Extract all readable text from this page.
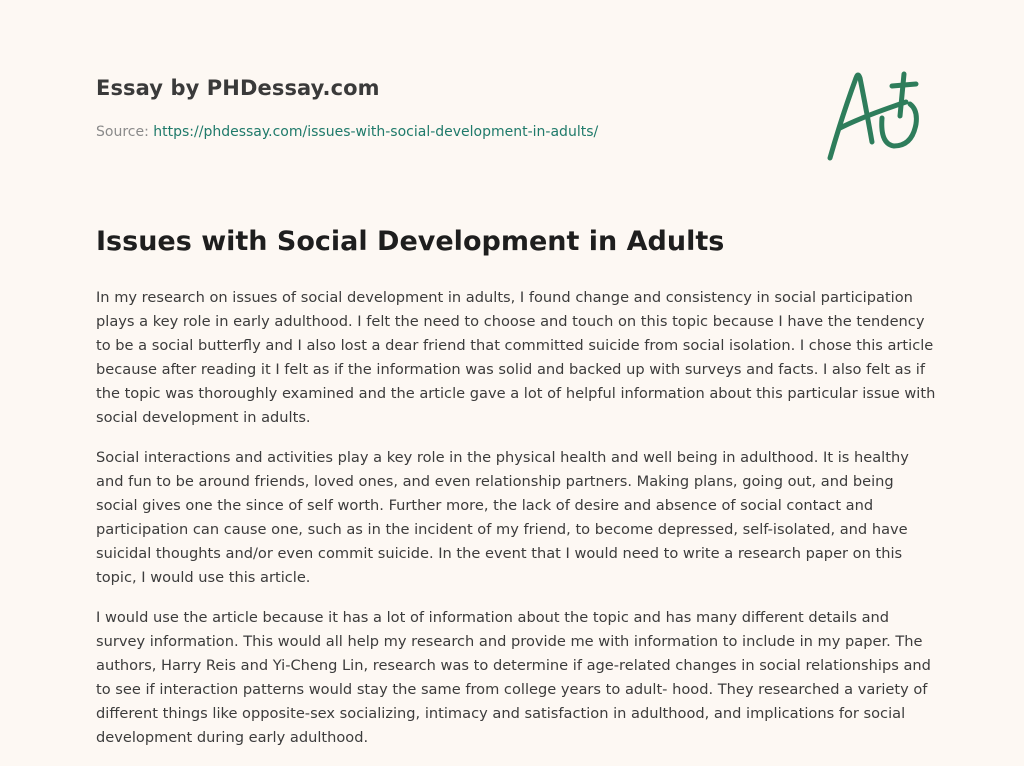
Essay by PHDessay.com
Source: https://phdessay.com/issues-with-social-development-in-adults/
Issues with Social Development in Adults

In my research on issues of social development in adults, I found change and consistency in social participation plays a key role in early adulthood. I felt the need to choose and touch on this topic because I have the tendency to be a social butterfly and I also lost a dear friend that committed suicide from social isolation. I chose this article because after reading it I felt as if the information was solid and backed up with surveys and facts. I also felt as if the topic was thoroughly examined and the article gave a lot of helpful information about this particular issue with social development in adults.

Social interactions and activities play a key role in the physical health and well being in adulthood. It is healthy and fun to be around friends, loved ones, and even relationship partners. Making plans, going out, and being social gives one the since of self worth. Further more, the lack of desire and absence of social contact and participation can cause one, such as in the incident of my friend, to become depressed, self-isolated, and have suicidal thoughts and/or even commit suicide. In the event that I would need to write a research paper on this topic, I would use this article.

I would use the article because it has a lot of information about the topic and has many different details and survey information. This would all help my research and provide me with information to include in my paper. The authors, Harry Reis and Yi-Cheng Lin, research was to determine if age-related changes in social relationships and to see if interaction patterns would stay the same from college years to adult- hood. They researched a variety of different things like opposite-sex socializing, intimacy and satisfaction in adulthood, and implications for social development during early adulthood.
